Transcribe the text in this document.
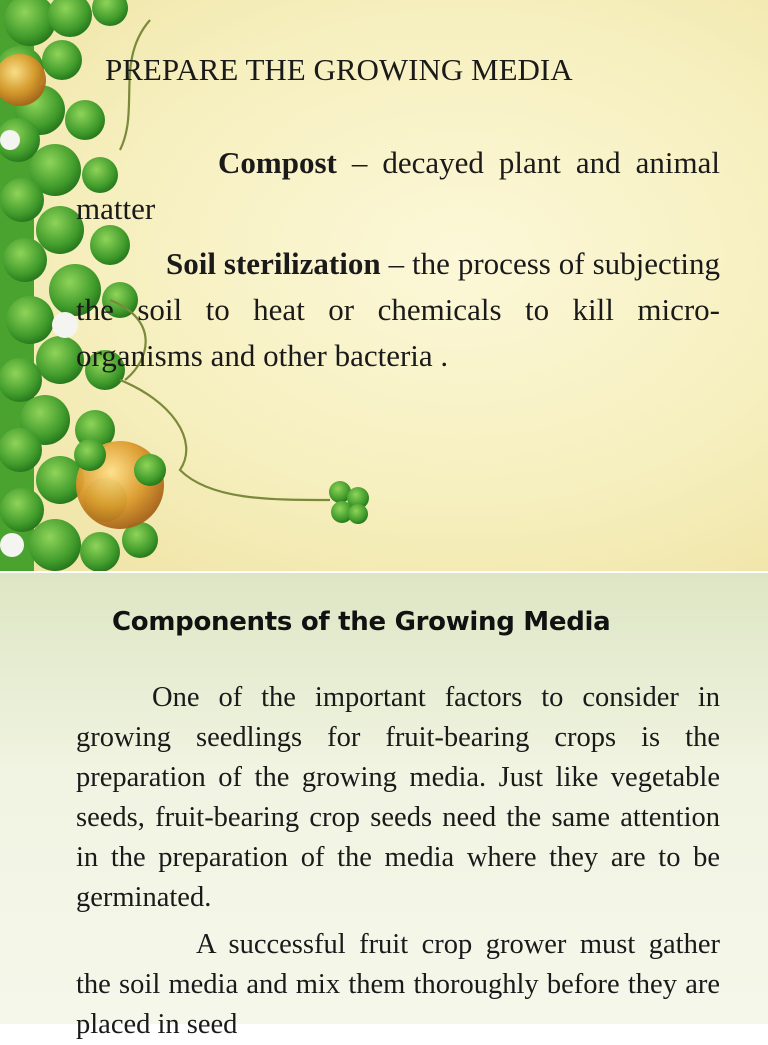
PREPARE THE GROWING MEDIA
Compost – decayed plant and animal matter
Soil sterilization – the process of subjecting the soil to heat or chemicals to kill micro-organisms and other bacteria .
Components of the Growing Media
One of the important factors to consider in growing seedlings for fruit-bearing crops is the preparation of the growing media. Just like vegetable seeds, fruit-bearing crop seeds need the same attention in the preparation of the media where they are to be germinated.
A successful fruit crop grower must gather the soil media and mix them thoroughly before they are placed in seed
